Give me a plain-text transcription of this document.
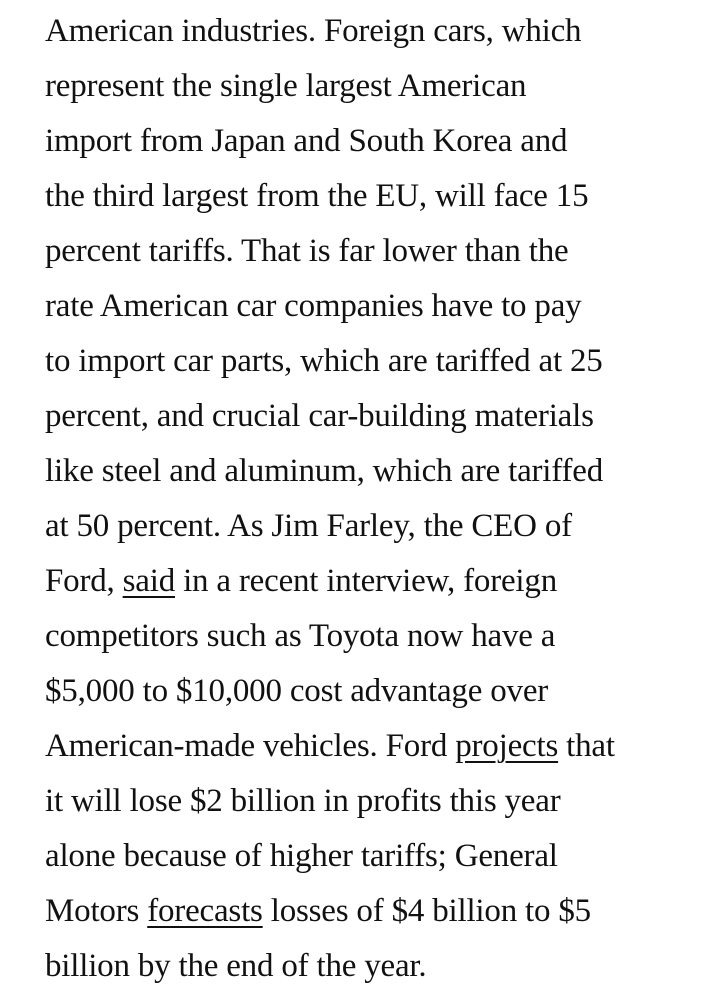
American industries. Foreign cars, which
represent the single largest American
import from Japan and South Korea and
the third largest from the EU, will face 15
percent tariffs. That is far lower than the
rate American car companies have to pay
to import car parts, which are tariffed at 25
percent, and crucial car-building materials
like steel and aluminum, which are tariffed
at 50 percent. As Jim Farley, the CEO of
Ford, said in a recent interview, foreign
competitors such as Toyota now have a
$5,000 to $10,000 cost advantage over
American-made vehicles. Ford projects that
it will lose $2 billion in profits this year
alone because of higher tariffs; General
Motors forecasts losses of $4 billion to $5
billion by the end of the year.
